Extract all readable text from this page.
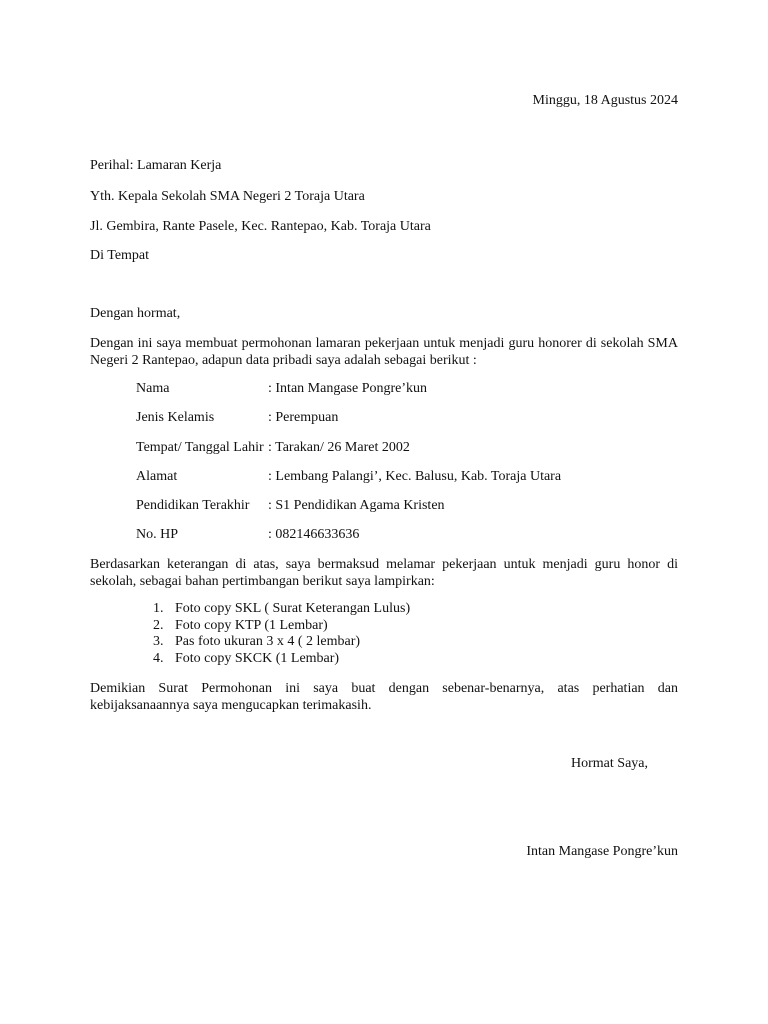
Minggu, 18 Agustus 2024
Perihal: Lamaran Kerja
Yth. Kepala Sekolah SMA Negeri 2 Toraja Utara
Jl. Gembira, Rante Pasele, Kec. Rantepao, Kab. Toraja Utara
Di Tempat
Dengan hormat,
Dengan ini saya membuat permohonan lamaran pekerjaan untuk menjadi guru honorer di sekolah SMA Negeri 2 Rantepao, adapun data pribadi saya adalah sebagai berikut :
Nama	: Intan Mangase Pongre’kun
Jenis Kelamis	: Perempuan
Tempat/ Tanggal Lahir : Tarakan/ 26 Maret 2002
Alamat	: Lembang Palangi’, Kec. Balusu, Kab. Toraja Utara
Pendidikan Terakhir : S1 Pendidikan Agama Kristen
No. HP	: 082146633636
Berdasarkan keterangan di atas, saya bermaksud melamar pekerjaan untuk menjadi guru honor di sekolah, sebagai bahan pertimbangan berikut saya lampirkan:
1. Foto copy SKL ( Surat Keterangan Lulus)
2. Foto copy KTP (1 Lembar)
3. Pas foto ukuran 3 x 4 ( 2 lembar)
4. Foto copy SKCK (1 Lembar)
Demikian Surat Permohonan ini saya buat dengan sebenar-benarnya, atas perhatian dan kebijaksanaannya saya mengucapkan terimakasih.
Hormat Saya,
Intan Mangase Pongre’kun
